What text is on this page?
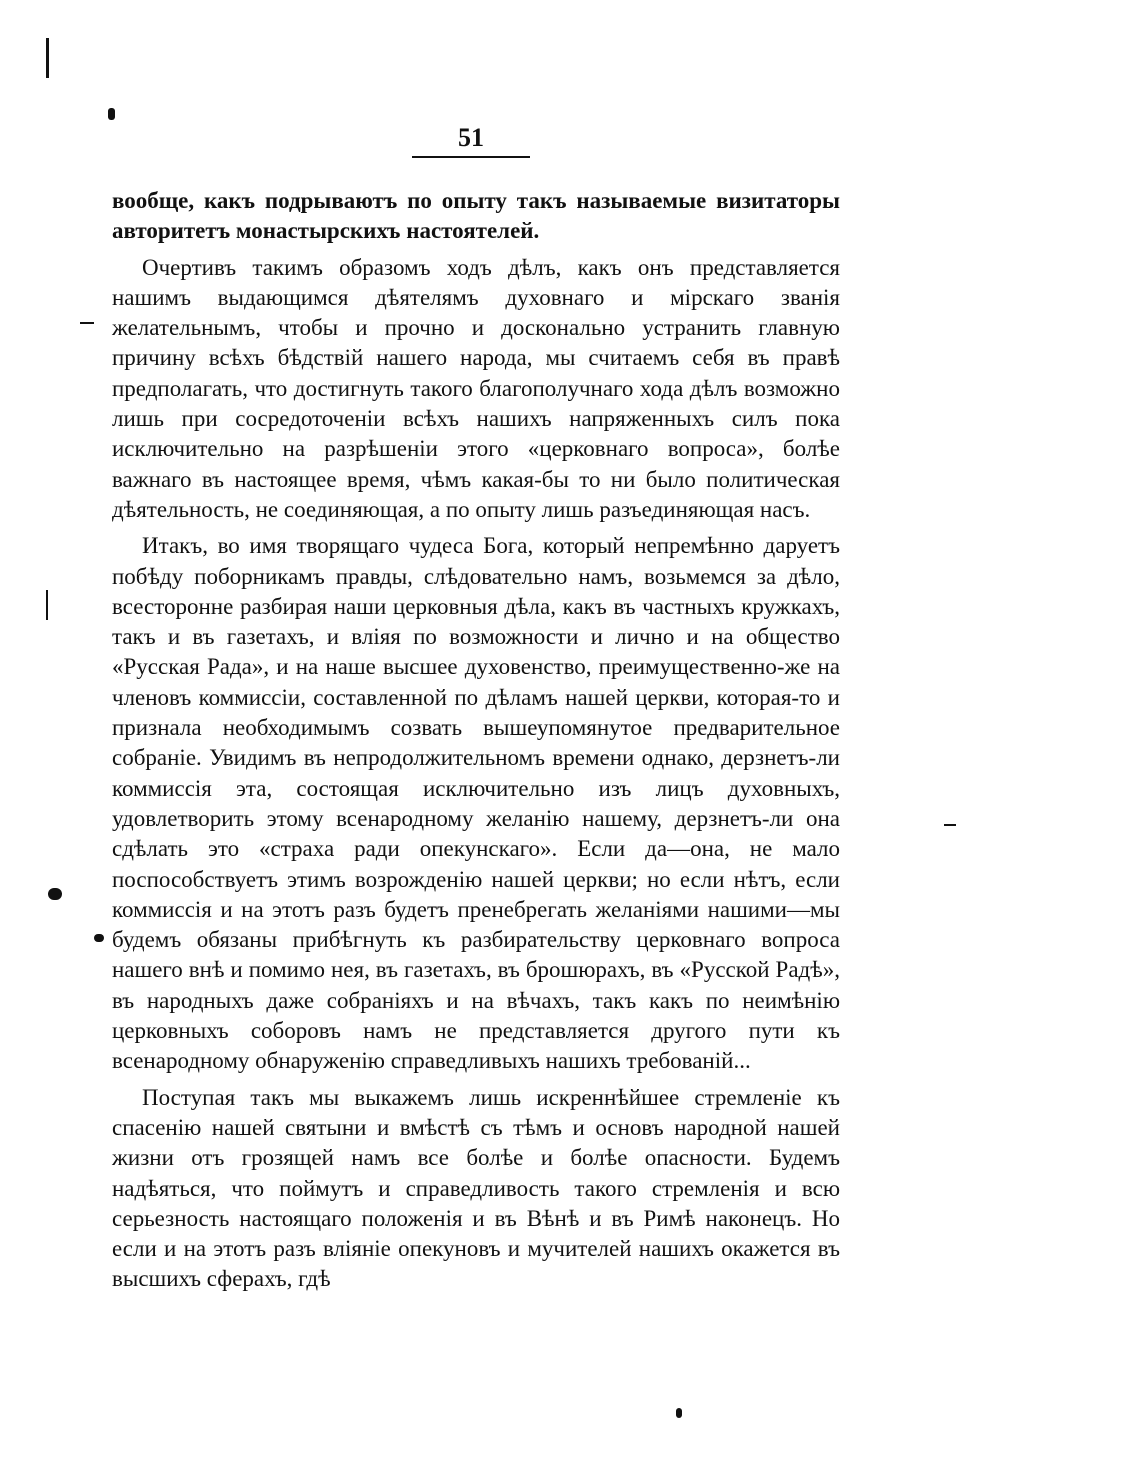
51

вообще, какъ подрываютъ по опыту такъ называемые визитаторы авторитетъ монастырскихъ настоятелей.

Очертивъ такимъ образомъ ходъ дѣлъ, какъ онъ представляется нашимъ выдающимся дѣятелямъ духовнаго и мірскаго званія желательнымъ, чтобы и прочно и досконально устранить главную причину всѣхъ бѣдствій нашего народа, мы считаемъ себя въ правѣ предполагать, что достигнуть такого благополучнаго хода дѣлъ возможно лишь при сосредоточеніи всѣхъ нашихъ напряженныхъ силъ пока исключительно на разрѣшеніи этого «церковнаго вопроса», болѣе важнаго въ настоящее время, чѣмъ какая-бы то ни было политическая дѣятельность, не соединяющая, а по опыту лишь разъединяющая насъ.

Итакъ, во имя творящаго чудеса Бога, который непремѣнно даруетъ побѣду поборникамъ правды, слѣдовательно намъ, возьмемся за дѣло, всесторонне разбирая наши церковныя дѣла, какъ въ частныхъ кружкахъ, такъ и въ газетахъ, и вліяя по возможности и лично и на общество «Русская Рада», и на наше высшее духовенство, преимущественно-же на членовъ коммиссіи, составленной по дѣламъ нашей церкви, которая-то и признала необходимымъ созвать вышеупомянутое предварительное собраніе. Увидимъ въ непродолжительномъ времени однако, дерзнетъ-ли коммиссія эта, состоящая исключительно изъ лицъ духовныхъ, удовлетворить этому всенародному желанію нашему, дерзнетъ-ли она сдѣлать это «страха ради опекунскаго». Если да—она, не мало поспособствуетъ этимъ возрожденію нашей церкви; но если нѣтъ, если коммиссія и на этотъ разъ будетъ пренебрегать желаніями нашими—мы будемъ обязаны прибѣгнуть къ разбирательству церковнаго вопроса нашего внѣ и помимо нея, въ газетахъ, въ брошюрахъ, въ «Русской Радѣ», въ народныхъ даже собраніяхъ и на вѣчахъ, такъ какъ по неимѣнію церковныхъ соборовъ намъ не представляется другого пути къ всенародному обнаруженію справедливыхъ нашихъ требованій...

Поступая такъ мы выкажемъ лишь искреннѣйшее стремленіе къ спасенію нашей святыни и вмѣстѣ съ тѣмъ и основъ народной нашей жизни отъ грозящей намъ все болѣе и болѣе опасности. Будемъ надѣяться, что поймутъ и справедливость такого стремленія и всю серьезность настоящаго положенія и въ Вѣнѣ и въ Римѣ наконецъ. Но если и на этотъ разъ вліяніе опекуновъ и мучителей нашихъ окажется въ высшихъ сферахъ, гдѣ
